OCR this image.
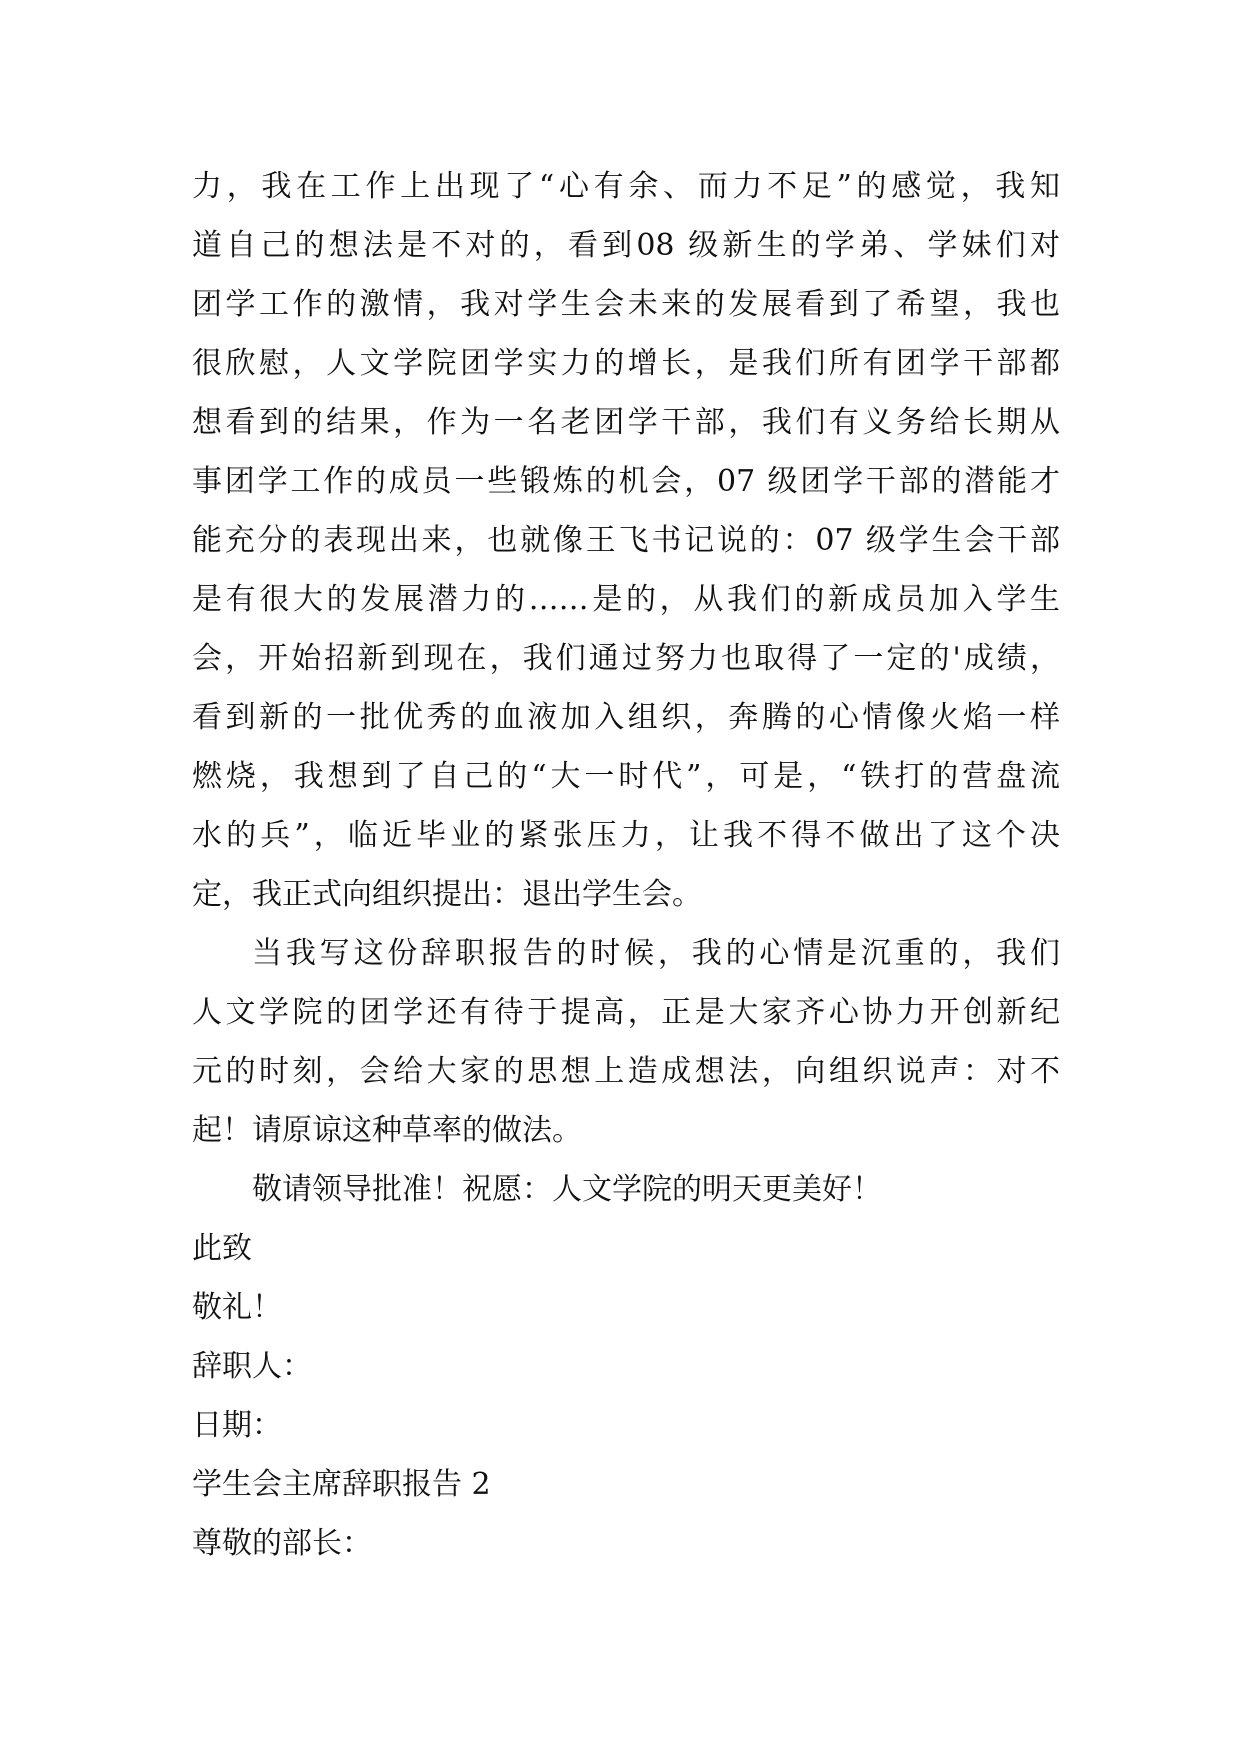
力，我在工作上出现了“心有余、而力不足”的感觉，我知
道自己的想法是不对的，看到08 级新生的学弟、学妹们对
团学工作的激情，我对学生会未来的发展看到了希望，我也
很欣慰，人文学院团学实力的增长，是我们所有团学干部都
想看到的结果，作为一名老团学干部，我们有义务给长期从
事团学工作的成员一些锻炼的机会，07 级团学干部的潜能才
能充分的表现出来，也就像王飞书记说的：07 级学生会干部
是有很大的发展潜力的……是的，从我们的新成员加入学生
会，开始招新到现在，我们通过努力也取得了一定的'成绩，
看到新的一批优秀的血液加入组织，奔腾的心情像火焰一样
燃烧，我想到了自己的“大一时代”，可是，“铁打的营盘流
水的兵”，临近毕业的紧张压力，让我不得不做出了这个决
定，我正式向组织提出：退出学生会。
当我写这份辞职报告的时候，我的心情是沉重的，我们
人文学院的团学还有待于提高，正是大家齐心协力开创新纪
元的时刻，会给大家的思想上造成想法，向组织说声：对不
起！请原谅这种草率的做法。
敬请领导批准！祝愿：人文学院的明天更美好！
此致
敬礼！
辞职人：
日期：
学生会主席辞职报告 2
尊敬的部长：
